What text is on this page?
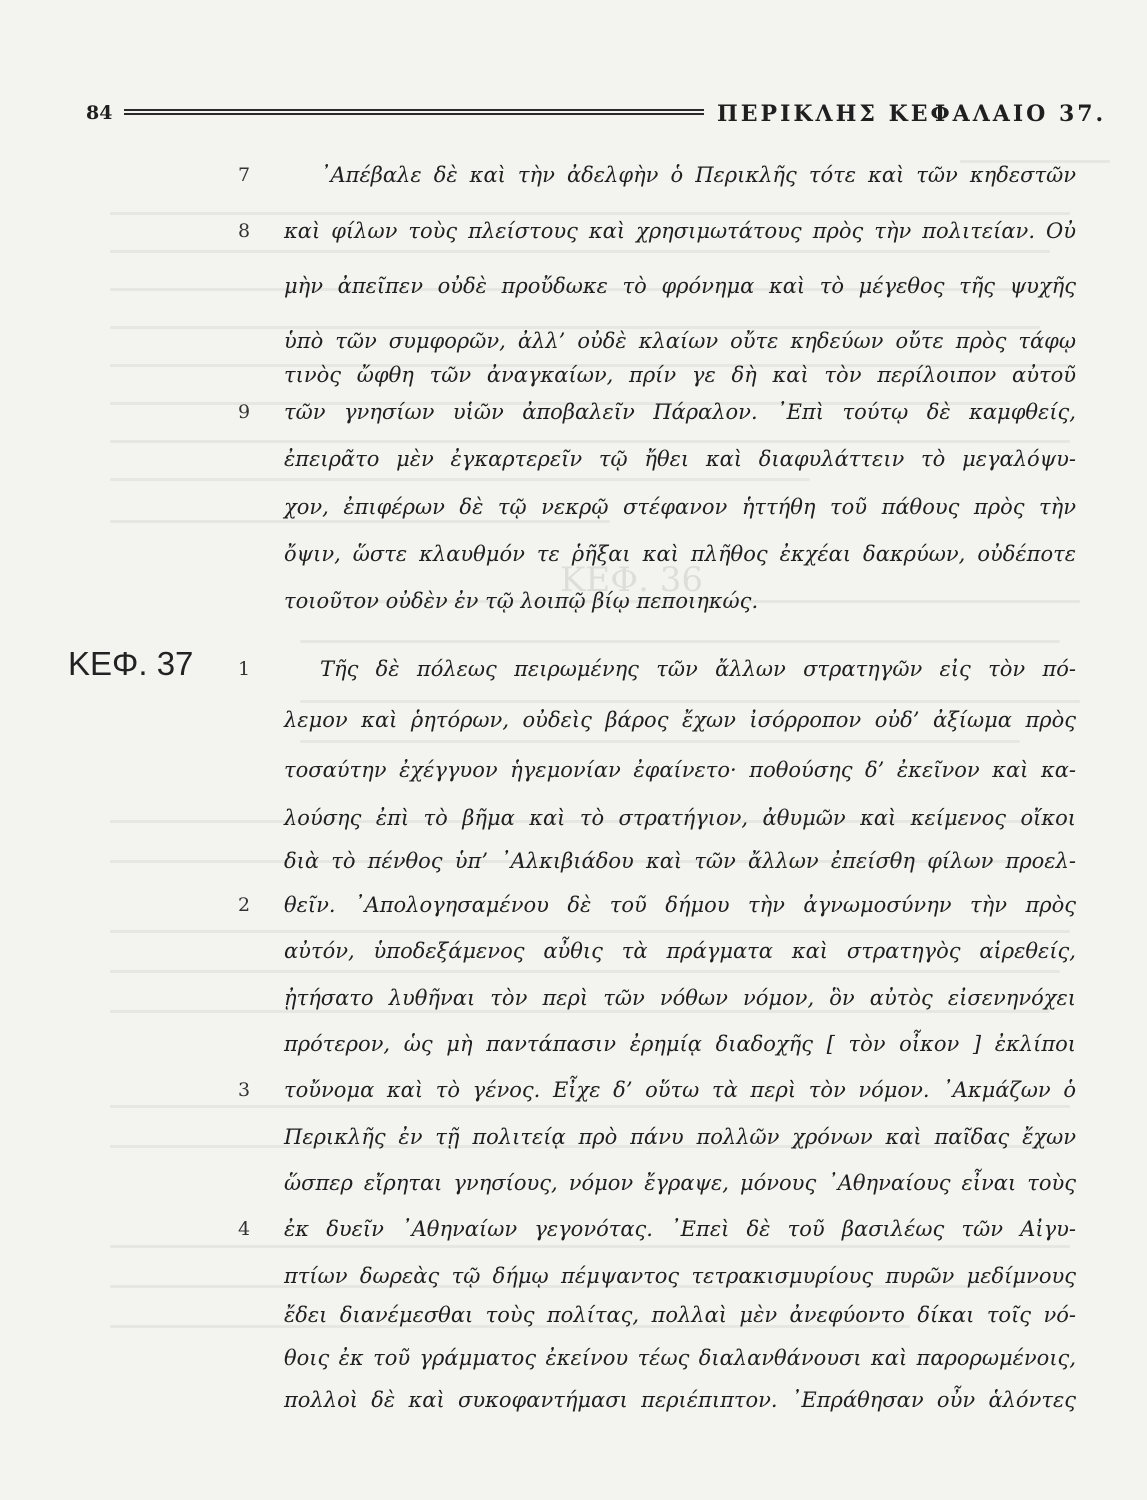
ΚΕΦ. 36
84	ΠΕΡΙΚΛΗΣ ΚΕΦΑΛΑΙΟ 37.
ΚΕΦ. 37
7	᾿Απέβαλε δὲ καὶ τὴν ἀδελφὴν ὁ Περικλῆς τότε καὶ τῶν κηδεστῶν
8 καὶ φίλων τοὺς πλείστους καὶ χρησιμωτάτους πρὸς τὴν πολιτείαν. Οὐ
μὴν ἀπεῖπεν οὐδὲ προὔδωκε τὸ φρόνημα καὶ τὸ μέγεθος τῆς ψυχῆς
ὑπὸ τῶν συμφορῶν, ἀλλ’ οὐδὲ κλαίων οὔτε κηδεύων οὔτε πρὸς τάφῳ
τινὸς ὤφθη τῶν ἀναγκαίων, πρίν γε δὴ καὶ τὸν περίλοιπον αὐτοῦ
9 τῶν γνησίων υἱῶν ἀποβαλεῖν Πάραλον. ᾿Επὶ τούτῳ δὲ καμφθείς,
ἐπειρᾶτο μὲν ἐγκαρτερεῖν τῷ ἤθει καὶ διαφυλάττειν τὸ μεγαλόψυ-
χον, ἐπιφέρων δὲ τῷ νεκρῷ στέφανον ἡττήθη τοῦ πάθους πρὸς τὴν
ὄψιν, ὥστε κλαυθμόν τε ῥῆξαι καὶ πλῆθος ἐκχέαι δακρύων, οὐδέποτε
τοιοῦτον οὐδὲν ἐν τῷ λοιπῷ βίῳ πεποιηκώς.
1	Τῆς δὲ πόλεως πειρωμένης τῶν ἄλλων στρατηγῶν εἰς τὸν πό-
λεμον καὶ ῥητόρων, οὐδεὶς βάρος ἔχων ἰσόρροπον οὐδ’ ἀξίωμα πρὸς
τοσαύτην ἐχέγγυον ἡγεμονίαν ἐφαίνετο· ποθούσης δ’ ἐκεῖνον καὶ κα-
λούσης ἐπὶ τὸ βῆμα καὶ τὸ στρατήγιον, ἀθυμῶν καὶ κείμενος οἴκοι
διὰ τὸ πένθος ὑπ’ ᾿Αλκιβιάδου καὶ τῶν ἄλλων ἐπείσθη φίλων προελ-
2 θεῖν. ᾿Απολογησαμένου δὲ τοῦ δήμου τὴν ἀγνωμοσύνην τὴν πρὸς
αὐτόν, ὑποδεξάμενος αὖθις τὰ πράγματα καὶ στρατηγὸς αἱρεθείς,
ᾐτήσατο λυθῆναι τὸν περὶ τῶν νόθων νόμον, ὃν αὐτὸς εἰσενηνόχει
πρότερον, ὡς μὴ παντάπασιν ἐρημίᾳ διαδοχῆς [ τὸν οἶκον ] ἐκλίποι
3 τοὔνομα καὶ τὸ γένος. Εἶχε δ’ οὕτω τὰ περὶ τὸν νόμον. ᾿Ακμάζων ὁ
Περικλῆς ἐν τῇ πολιτείᾳ πρὸ πάνυ πολλῶν χρόνων καὶ παῖδας ἔχων
ὥσπερ εἴρηται γνησίους, νόμον ἔγραψε, μόνους ᾿Αθηναίους εἶναι τοὺς
4 ἐκ δυεῖν ᾿Αθηναίων γεγονότας. ᾿Επεὶ δὲ τοῦ βασιλέως τῶν Αἰγυ-
πτίων δωρεὰς τῷ δήμῳ πέμψαντος τετρακισμυρίους πυρῶν μεδίμνους
ἔδει διανέμεσθαι τοὺς πολίτας, πολλαὶ μὲν ἀνεφύοντο δίκαι τοῖς νό-
θοις ἐκ τοῦ γράμματος ἐκείνου τέως διαλανθάνουσι καὶ παρορωμένοις,
πολλοὶ δὲ καὶ συκοφαντήμασι περιέπιπτον. ᾿Επράθησαν οὖν ἁλόντες
